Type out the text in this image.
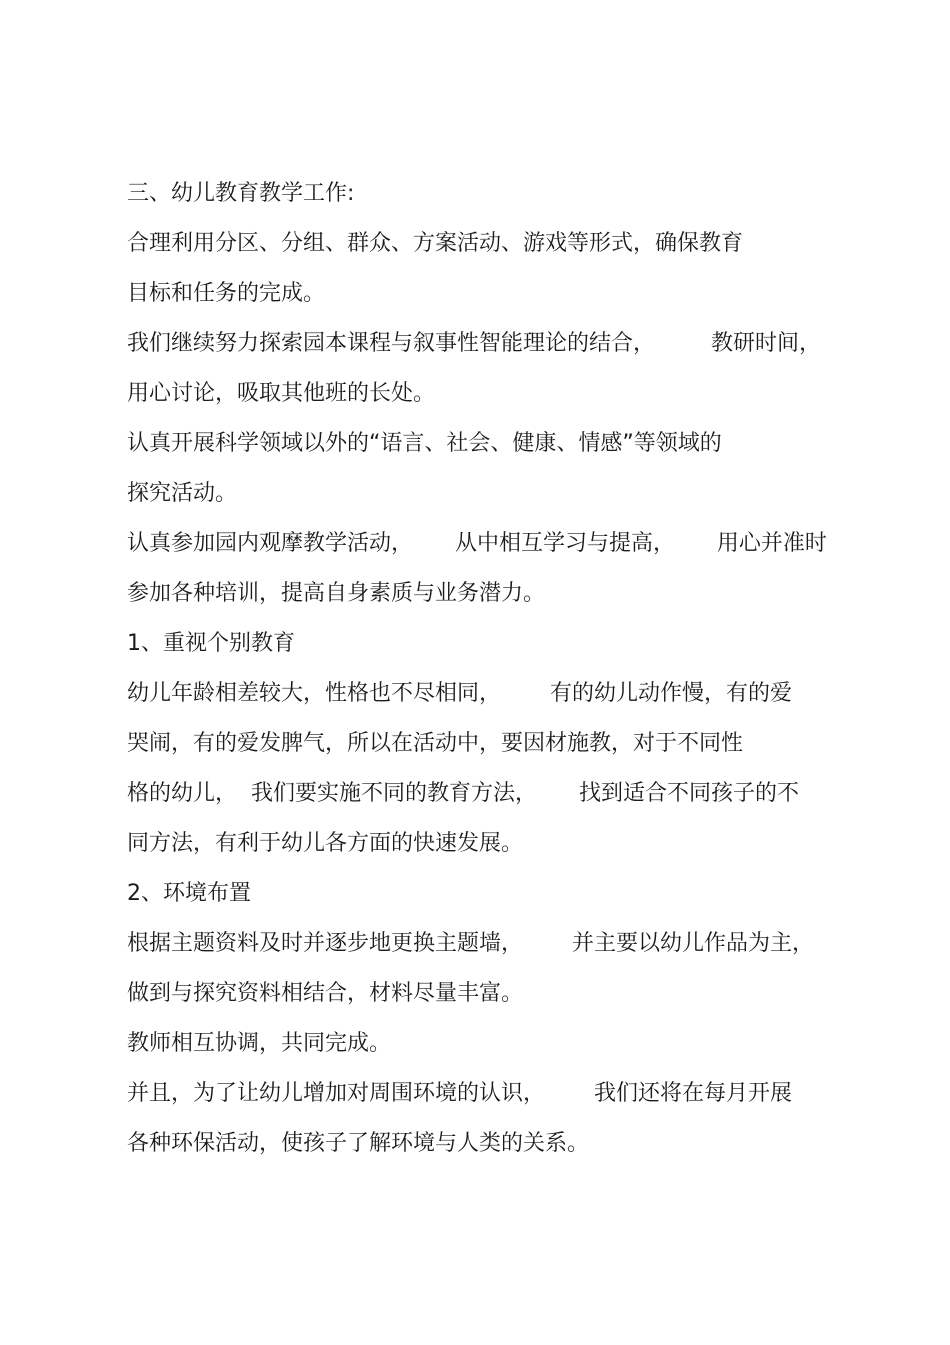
三、幼儿教育教学工作:
合理利用分区、分组、群众、方案活动、游戏等形式，确保教育
目标和任务的完成。
我们继续努力探索园本课程与叙事性智能理论的结合，        教研时间，
用心讨论，吸取其他班的长处。
认真开展科学领域以外的“语言、社会、健康、情感”等领域的
探究活动。
认真参加园内观摩教学活动，      从中相互学习与提高，      用心并准时
参加各种培训，提高自身素质与业务潜力。
1、重视个别教育
幼儿年龄相差较大，性格也不尽相同，       有的幼儿动作慢，有的爱
哭闹，有的爱发脾气，所以在活动中，要因材施教，对于不同性
格的幼儿，  我们要实施不同的教育方法，      找到适合不同孩子的不
同方法，有利于幼儿各方面的快速发展。
2、环境布置
根据主题资料及时并逐步地更换主题墙，       并主要以幼儿作品为主，
做到与探究资料相结合，材料尽量丰富。
教师相互协调，共同完成。
并且，为了让幼儿增加对周围环境的认识，       我们还将在每月开展
各种环保活动，使孩子了解环境与人类的关系。
